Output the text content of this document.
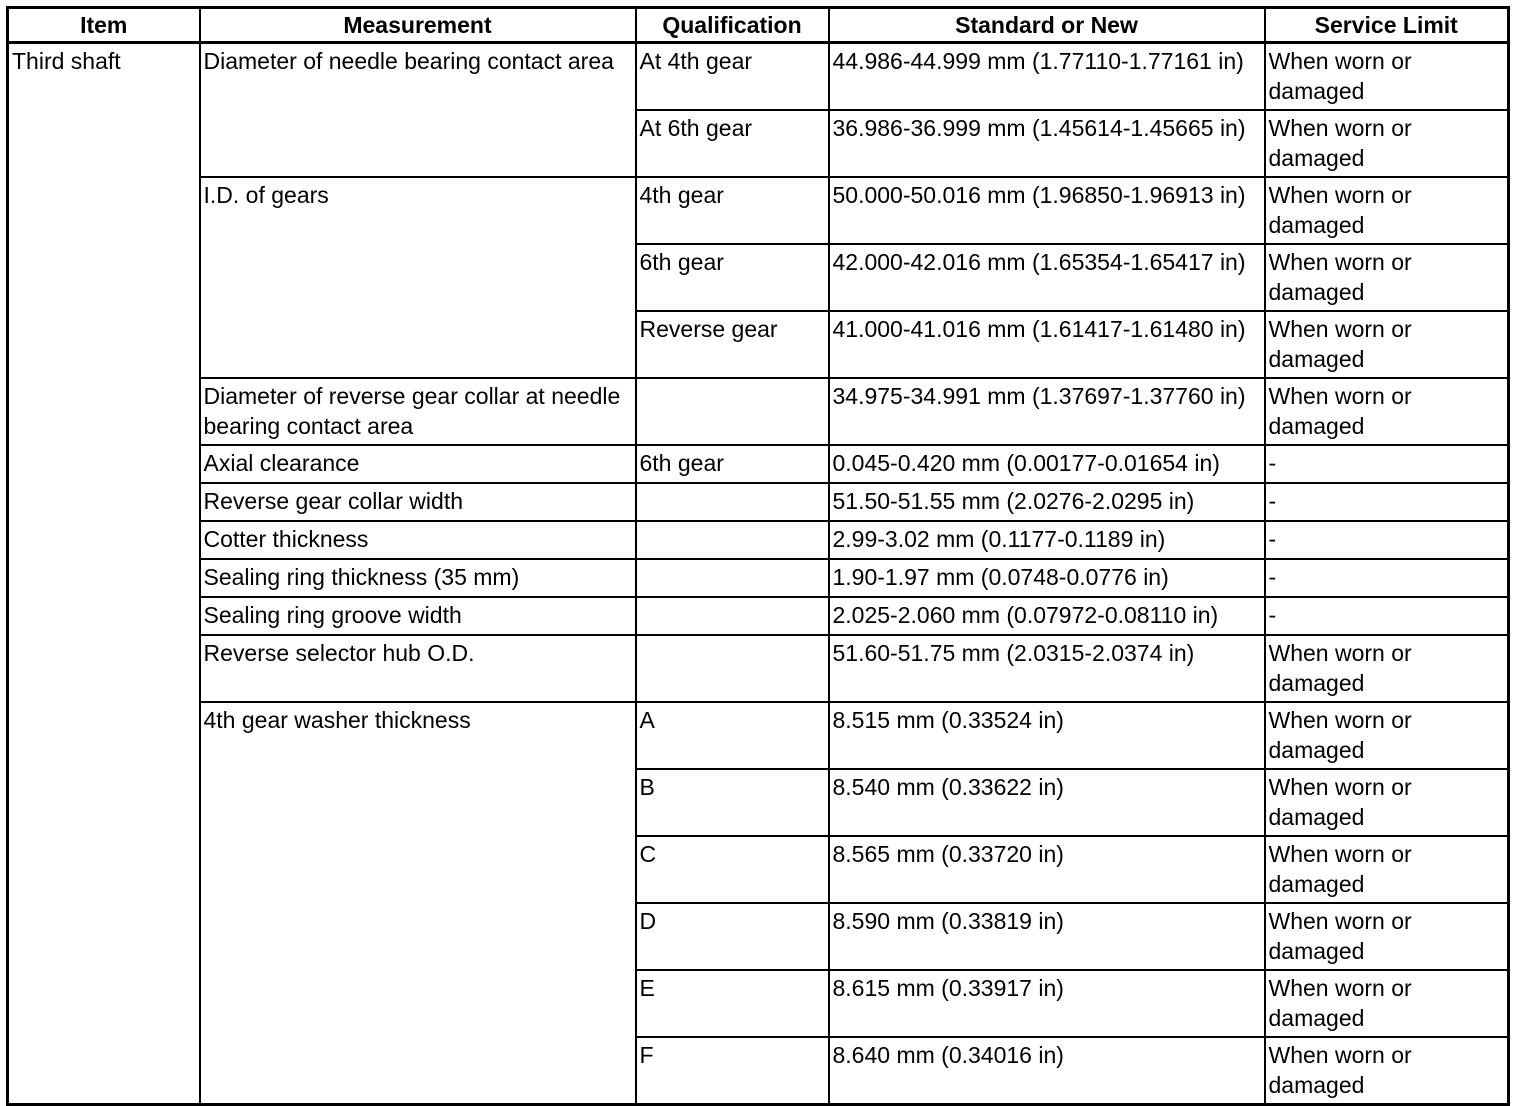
Item	Measurement	Qualification	Standard or New	Service Limit
Third shaft	Diameter of needle bearing contact area	At 4th gear	44.986-44.999 mm (1.77110-1.77161 in)	When worn or damaged
		At 6th gear	36.986-36.999 mm (1.45614-1.45665 in)	When worn or damaged
	I.D. of gears	4th gear	50.000-50.016 mm (1.96850-1.96913 in)	When worn or damaged
		6th gear	42.000-42.016 mm (1.65354-1.65417 in)	When worn or damaged
		Reverse gear	41.000-41.016 mm (1.61417-1.61480 in)	When worn or damaged
	Diameter of reverse gear collar at needle bearing contact area		34.975-34.991 mm (1.37697-1.37760 in)	When worn or damaged
	Axial clearance	6th gear	0.045-0.420 mm (0.00177-0.01654 in)	-
	Reverse gear collar width		51.50-51.55 mm (2.0276-2.0295 in)	-
	Cotter thickness		2.99-3.02 mm (0.1177-0.1189 in)	-
	Sealing ring thickness (35 mm)		1.90-1.97 mm (0.0748-0.0776 in)	-
	Sealing ring groove width		2.025-2.060 mm (0.07972-0.08110 in)	-
	Reverse selector hub O.D.		51.60-51.75 mm (2.0315-2.0374 in)	When worn or damaged
	4th gear washer thickness	A	8.515 mm (0.33524 in)	When worn or damaged
		B	8.540 mm (0.33622 in)	When worn or damaged
		C	8.565 mm (0.33720 in)	When worn or damaged
		D	8.590 mm (0.33819 in)	When worn or damaged
		E	8.615 mm (0.33917 in)	When worn or damaged
		F	8.640 mm (0.34016 in)	When worn or damaged
